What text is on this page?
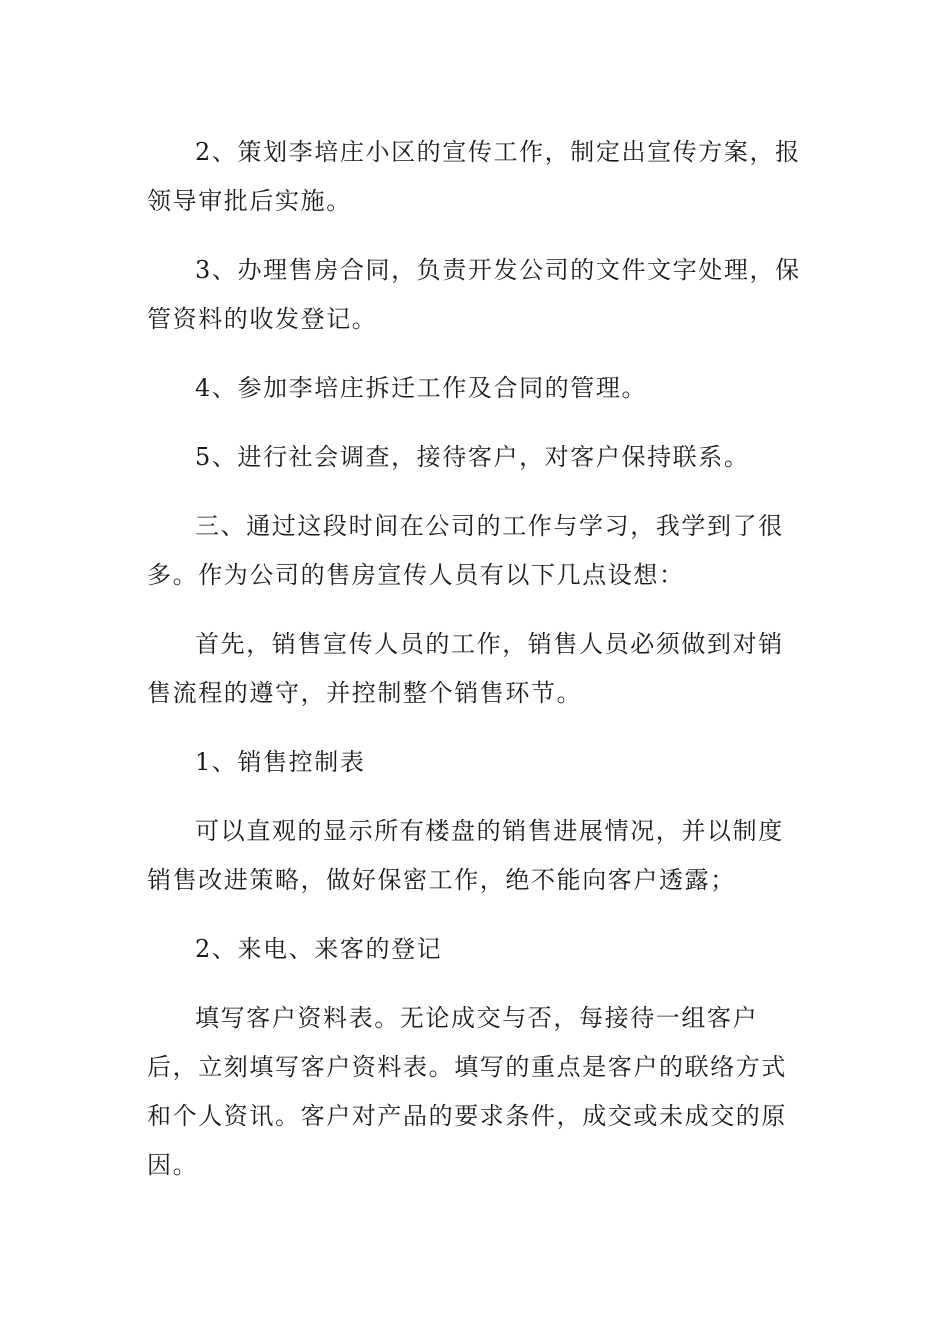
2、策划李培庄小区的宣传工作，制定出宣传方案，报领导审批后实施。

3、办理售房合同，负责开发公司的文件文字处理，保管资料的收发登记。

4、参加李培庄拆迁工作及合同的管理。

5、进行社会调查，接待客户，对客户保持联系。

三、通过这段时间在公司的工作与学习，我学到了很多。作为公司的售房宣传人员有以下几点设想：

首先，销售宣传人员的工作，销售人员必须做到对销售流程的遵守，并控制整个销售环节。

1、销售控制表

可以直观的显示所有楼盘的销售进展情况，并以制度销售改进策略，做好保密工作，绝不能向客户透露；

2、来电、来客的登记

填写客户资料表。无论成交与否，每接待一组客户后，立刻填写客户资料表。填写的重点是客户的联络方式和个人资讯。客户对产品的要求条件，成交或未成交的原因。
